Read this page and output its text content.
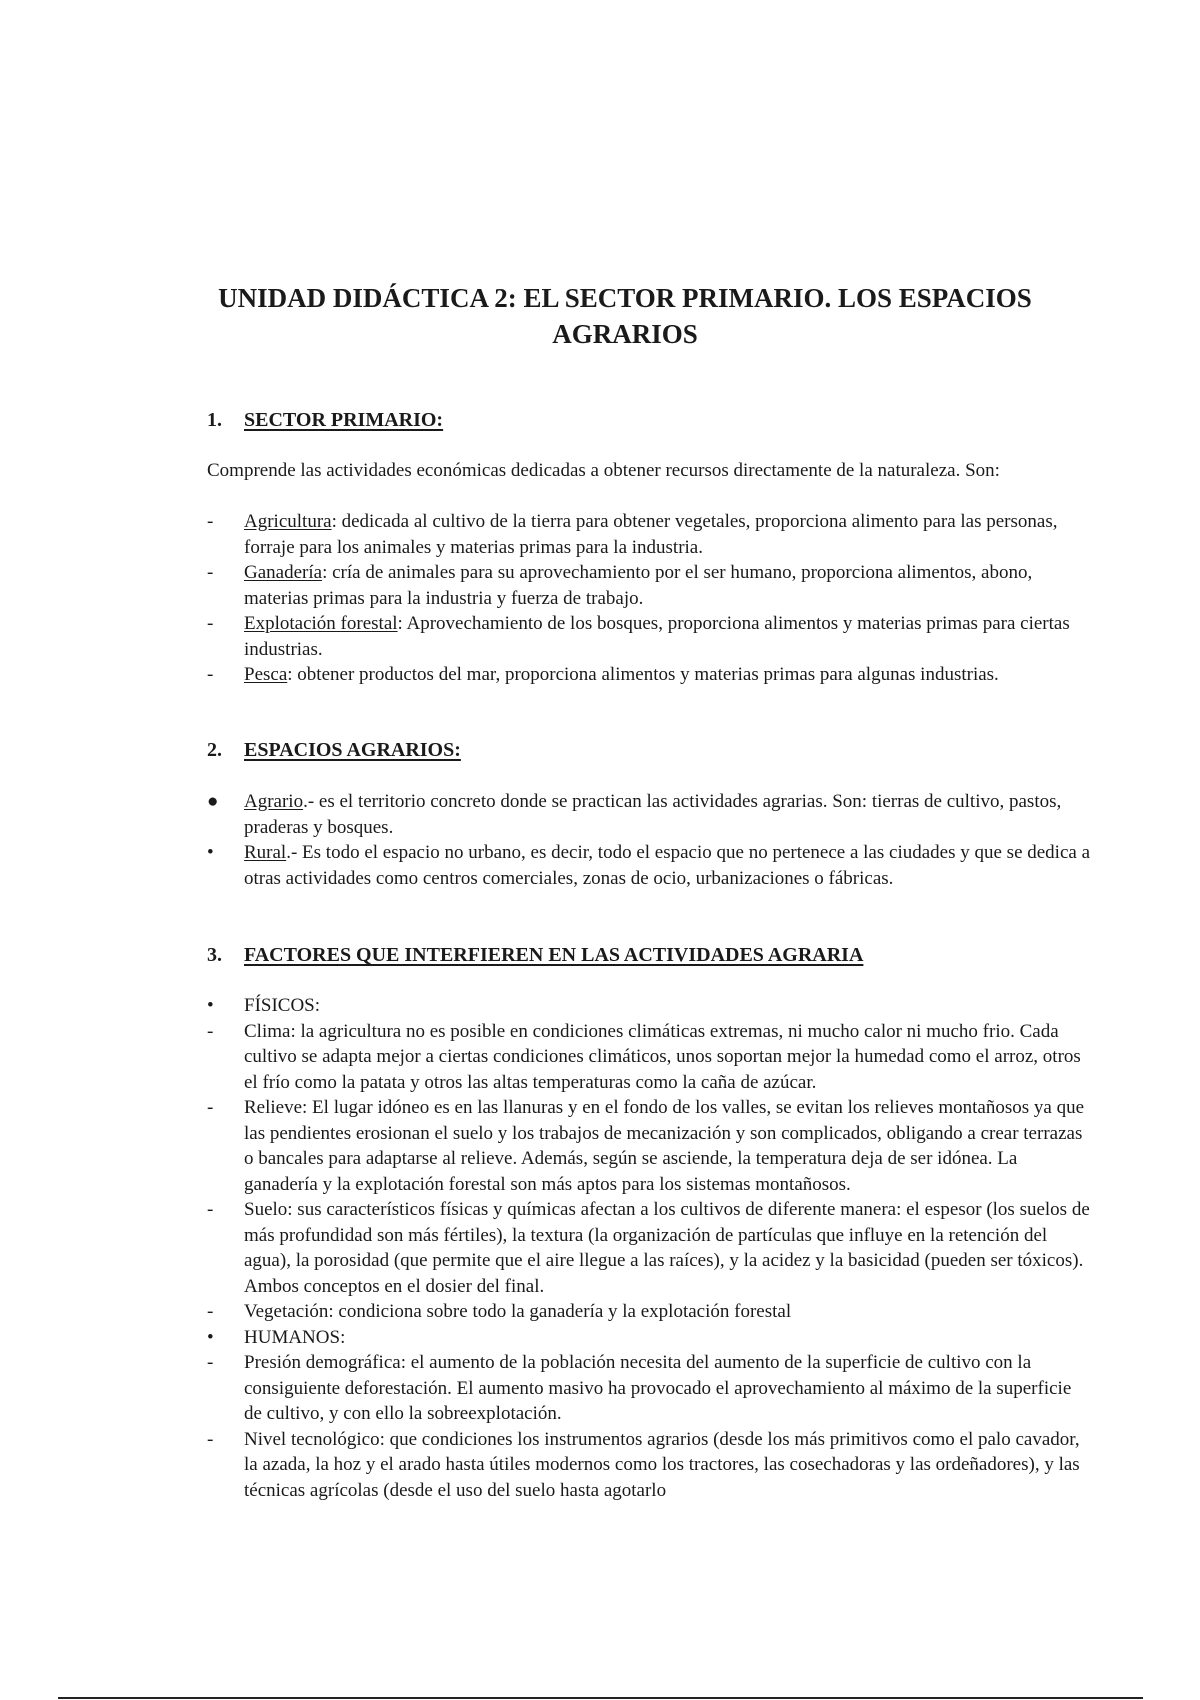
UNIDAD DIDÁCTICA 2: EL SECTOR PRIMARIO. LOS ESPACIOS AGRARIOS
1. SECTOR PRIMARIO:

Comprende las actividades económicas dedicadas a obtener recursos directamente de la naturaleza. Son:

-	Agricultura: dedicada al cultivo de la tierra para obtener vegetales, proporciona alimento para las personas, forraje para los animales y materias primas para la industria.
-	Ganadería: cría de animales para su aprovechamiento por el ser humano, proporciona alimentos, abono, materias primas para la industria y fuerza de trabajo.
-	Explotación forestal: Aprovechamiento de los bosques, proporciona alimentos y materias primas para ciertas industrias.
-	Pesca: obtener productos del mar, proporciona alimentos y materias primas para algunas industrias.
2. ESPACIOS AGRARIOS:
●	Agrario.- es el territorio concreto donde se practican las actividades agrarias. Son: tierras de cultivo, pastos, praderas y bosques.
•	Rural.- Es todo el espacio no urbano, es decir, todo el espacio que no pertenece a las ciudades y que se dedica a otras actividades como centros comerciales, zonas de ocio, urbanizaciones o fábricas.
3. FACTORES QUE INTERFIEREN EN LAS ACTIVIDADES AGRARIA
•	FÍSICOS:
-	Clima: la agricultura no es posible en condiciones climáticas extremas, ni mucho calor ni mucho frio. Cada cultivo se adapta mejor a ciertas condiciones climáticos, unos soportan mejor la humedad como el arroz, otros el frío como la patata y otros las altas temperaturas como la caña de azúcar.
-	Relieve: El lugar idóneo es en las llanuras y en el fondo de los valles, se evitan los relieves montañosos ya que las pendientes erosionan el suelo y los trabajos de mecanización y son complicados, obligando a crear terrazas o bancales para adaptarse al relieve. Además, según se asciende, la temperatura deja de ser idónea. La ganadería y la explotación forestal son más aptos para los sistemas montañosos.
-	Suelo: sus característicos físicas y químicas afectan a los cultivos de diferente manera: el espesor (los suelos de más profundidad son más fértiles), la textura (la organización de partículas que influye en la retención del agua), la porosidad (que permite que el aire llegue a las raíces), y la acidez y la basicidad (pueden ser tóxicos). Ambos conceptos en el dosier del final.
-	Vegetación: condiciona sobre todo la ganadería y la explotación forestal
•	HUMANOS:
-	Presión demográfica: el aumento de la población necesita del aumento de la superficie de cultivo con la consiguiente deforestación. El aumento masivo ha provocado el aprovechamiento al máximo de la superficie de cultivo, y con ello la sobreexplotación.
-	Nivel tecnológico: que condiciones los instrumentos agrarios (desde los más primitivos como el palo cavador, la azada, la hoz y el arado hasta útiles modernos como los tractores, las cosechadoras y las ordeñadores), y las técnicas agrícolas (desde el uso del suelo hasta agotarlo
